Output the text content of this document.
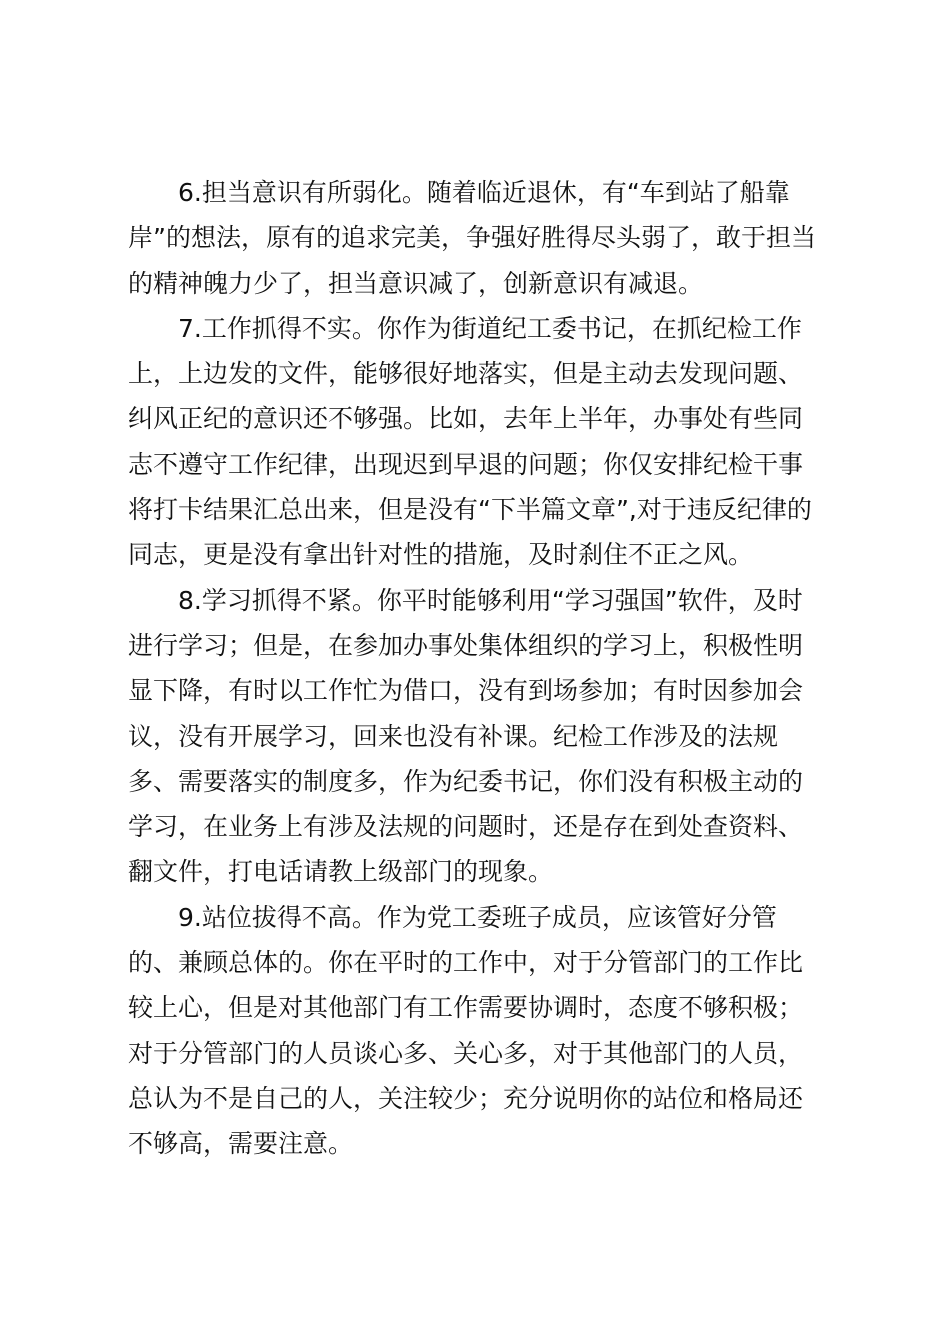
6.担当意识有所弱化。随着临近退休，有“车到站了船靠
岸”的想法，原有的追求完美，争强好胜得尽头弱了，敢于担当
的精神魄力少了，担当意识减了，创新意识有减退。
7.工作抓得不实。你作为街道纪工委书记，在抓纪检工作
上，上边发的文件，能够很好地落实，但是主动去发现问题、
纠风正纪的意识还不够强。比如，去年上半年，办事处有些同
志不遵守工作纪律，出现迟到早退的问题；你仅安排纪检干事
将打卡结果汇总出来，但是没有“下半篇文章”,对于违反纪律的
同志，更是没有拿出针对性的措施，及时刹住不正之风。
8.学习抓得不紧。你平时能够利用“学习强国”软件，及时
进行学习；但是，在参加办事处集体组织的学习上，积极性明
显下降，有时以工作忙为借口，没有到场参加；有时因参加会
议，没有开展学习，回来也没有补课。纪检工作涉及的法规
多、需要落实的制度多，作为纪委书记，你们没有积极主动的
学习，在业务上有涉及法规的问题时，还是存在到处查资料、
翻文件，打电话请教上级部门的现象。
9.站位拔得不高。作为党工委班子成员，应该管好分管
的、兼顾总体的。你在平时的工作中，对于分管部门的工作比
较上心，但是对其他部门有工作需要协调时，态度不够积极；
对于分管部门的人员谈心多、关心多，对于其他部门的人员，
总认为不是自己的人，关注较少；充分说明你的站位和格局还
不够高，需要注意。
